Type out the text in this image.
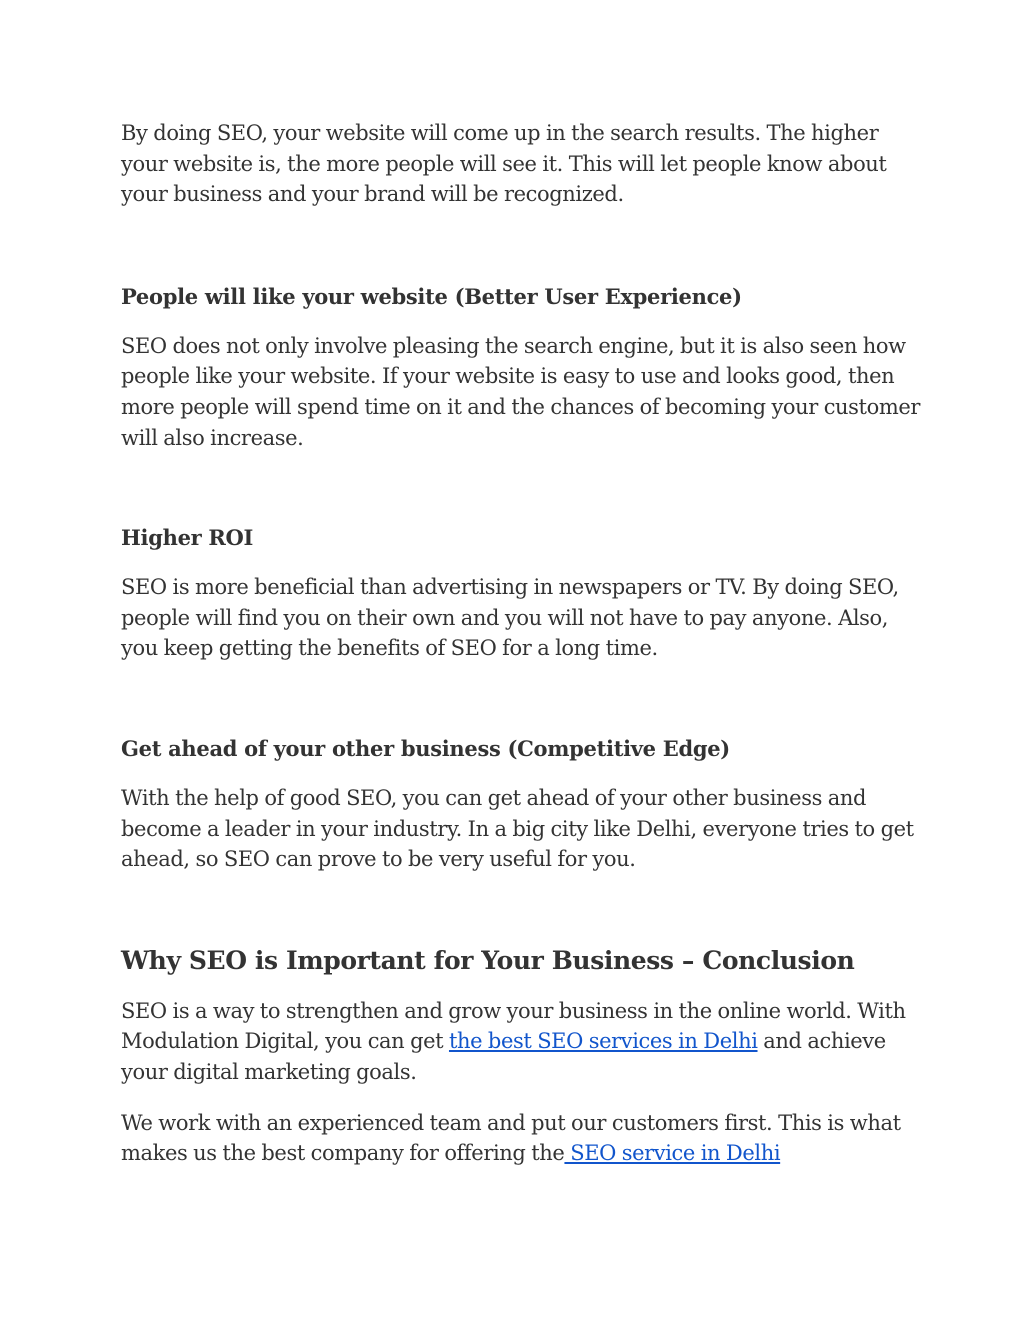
By doing SEO, your website will come up in the search results. The higher your website is, the more people will see it. This will let people know about your business and your brand will be recognized.

People will like your website (Better User Experience)

SEO does not only involve pleasing the search engine, but it is also seen how people like your website. If your website is easy to use and looks good, then more people will spend time on it and the chances of becoming your customer will also increase.

Higher ROI

SEO is more beneficial than advertising in newspapers or TV. By doing SEO, people will find you on their own and you will not have to pay anyone. Also, you keep getting the benefits of SEO for a long time.

Get ahead of your other business (Competitive Edge)

With the help of good SEO, you can get ahead of your other business and become a leader in your industry. In a big city like Delhi, everyone tries to get ahead, so SEO can prove to be very useful for you.

Why SEO is Important for Your Business – Conclusion

SEO is a way to strengthen and grow your business in the online world. With Modulation Digital, you can get the best SEO services in Delhi and achieve your digital marketing goals.

We work with an experienced team and put our customers first. This is what makes us the best company for offering the SEO service in Delhi
